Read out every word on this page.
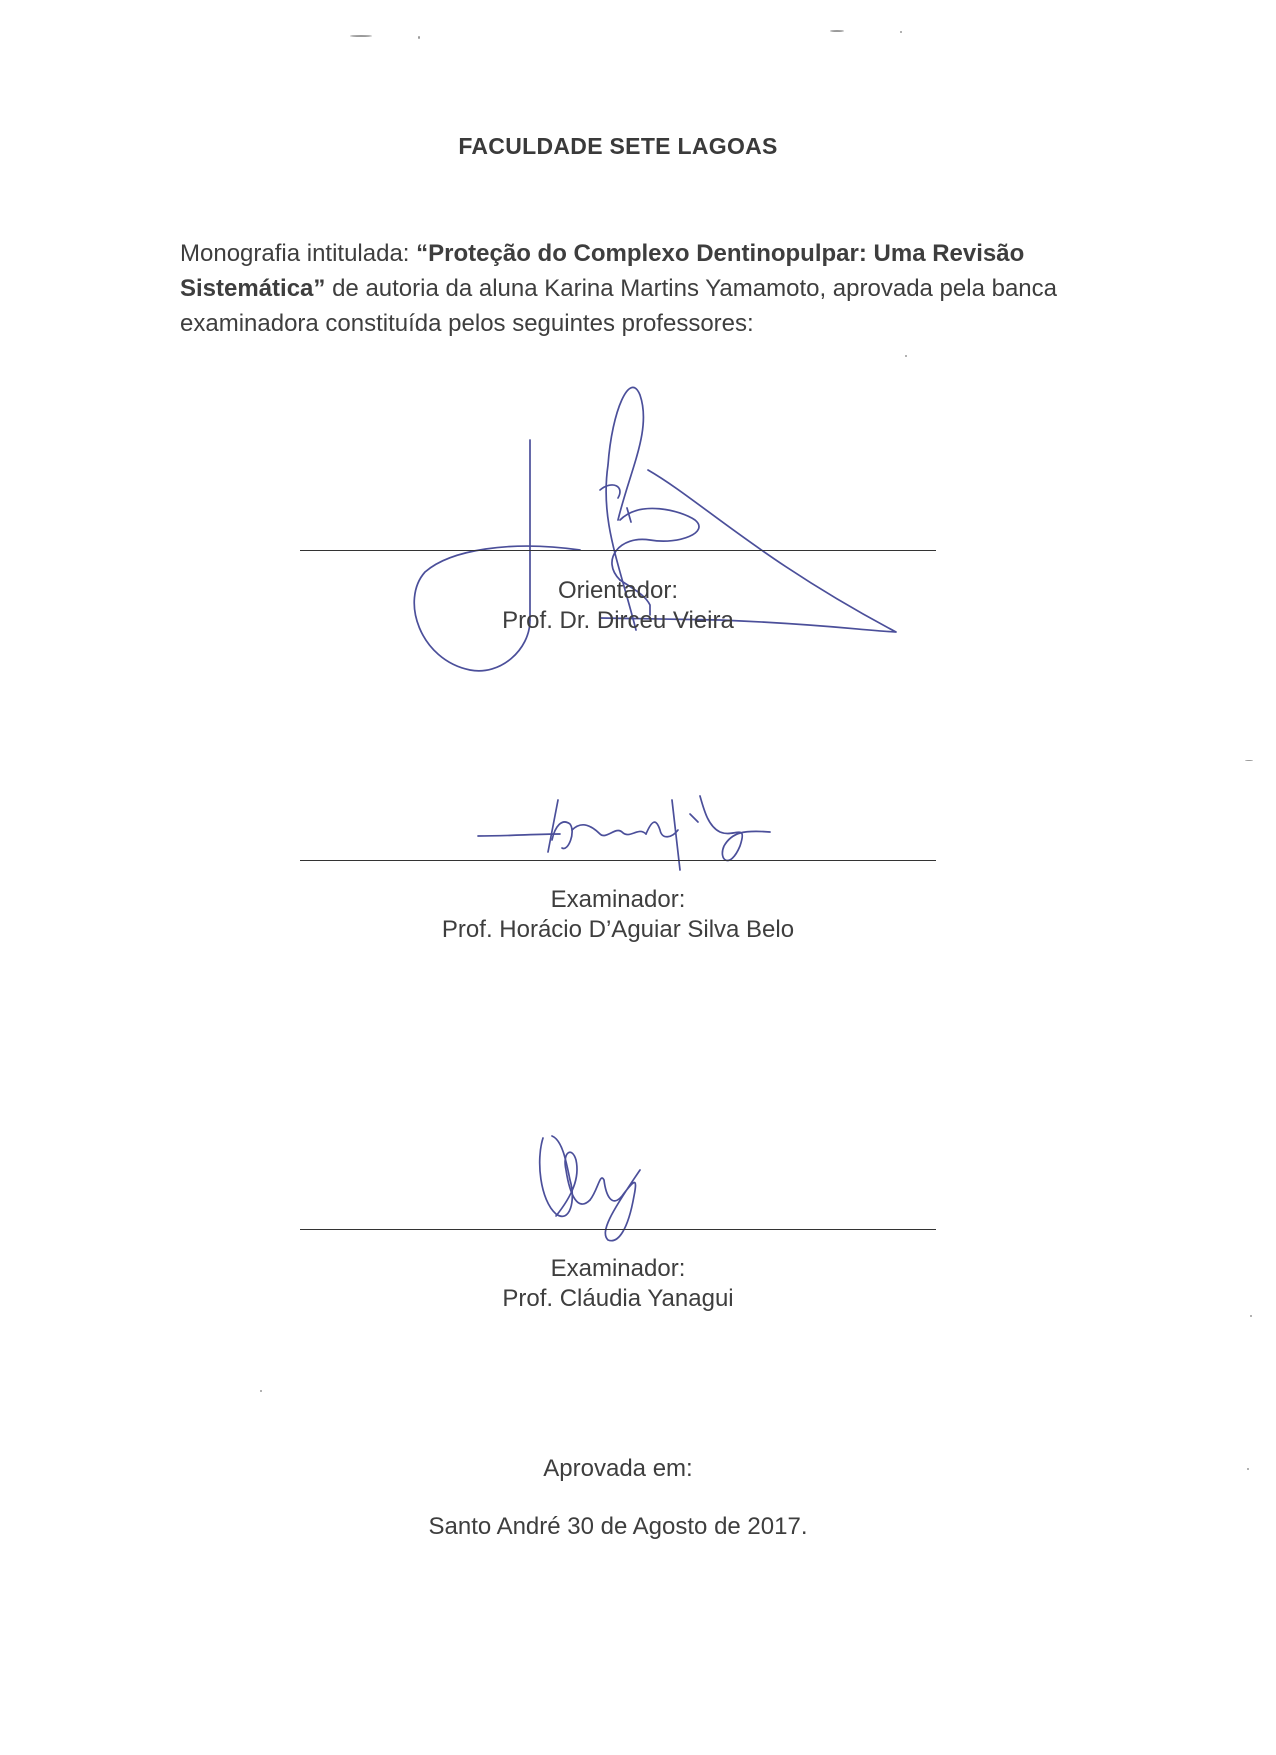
FACULDADE SETE LAGOAS

Monografia intitulada: “Proteção do Complexo Dentinopulpar: Uma Revisão Sistemática” de autoria da aluna Karina Martins Yamamoto, aprovada pela banca examinadora constituída pelos seguintes professores:

Orientador:
Prof. Dr. Dirceu Vieira
Examinador:
Prof. Horácio D’Aguiar Silva Belo
Examinador:
Prof. Cláudia Yanagui
Aprovada em:
Santo André 30 de Agosto de 2017.
